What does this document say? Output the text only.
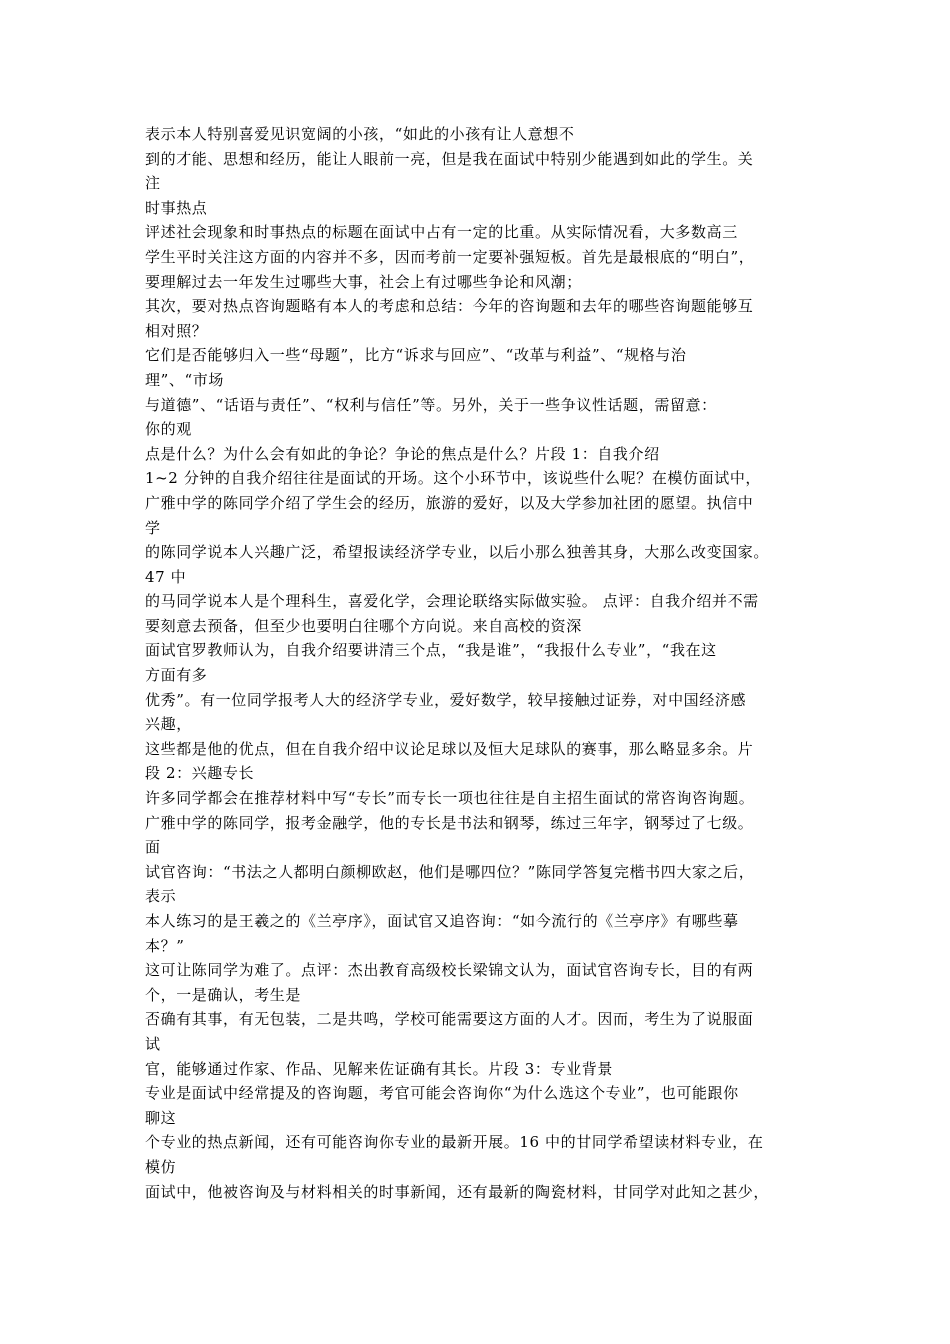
表示本人特别喜爱见识宽阔的小孩，“如此的小孩有让人意想不
到的才能、思想和经历，能让人眼前一亮，但是我在面试中特别少能遇到如此的学生。关
注
时事热点
评述社会现象和时事热点的标题在面试中占有一定的比重。从实际情况看，大多数高三
学生平时关注这方面的内容并不多，因而考前一定要补强短板。首先是最根底的“明白”，
要理解过去一年发生过哪些大事，社会上有过哪些争论和风潮；
其次，要对热点咨询题略有本人的考虑和总结：今年的咨询题和去年的哪些咨询题能够互
相对照？
它们是否能够归入一些“母题”，比方“诉求与回应”、“改革与利益”、“规格与治
理”、“市场
与道德”、“话语与责任”、“权利与信任”等。另外，关于一些争议性话题，需留意：
你的观
点是什么？为什么会有如此的争论？争论的焦点是什么？片段 1：自我介绍
1~2 分钟的自我介绍往往是面试的开场。这个小环节中，该说些什么呢？在模仿面试中，
广雅中学的陈同学介绍了学生会的经历，旅游的爱好，以及大学参加社团的愿望。执信中
学
的陈同学说本人兴趣广泛，希望报读经济学专业，以后小那么独善其身，大那么改变国家。
47 中
的马同学说本人是个理科生，喜爱化学，会理论联络实际做实验。 点评：自我介绍并不需
要刻意去预备，但至少也要明白往哪个方向说。来自高校的资深
面试官罗教师认为，自我介绍要讲清三个点，“我是谁”，“我报什么专业”，“我在这
方面有多
优秀”。有一位同学报考人大的经济学专业，爱好数学，较早接触过证券，对中国经济感
兴趣，
这些都是他的优点，但在自我介绍中议论足球以及恒大足球队的赛事，那么略显多余。片
段 2：兴趣专长
许多同学都会在推荐材料中写“专长”而专长一项也往往是自主招生面试的常咨询咨询题。
广雅中学的陈同学，报考金融学，他的专长是书法和钢琴，练过三年字，钢琴过了七级。
面
试官咨询：“书法之人都明白颜柳欧赵，他们是哪四位？”陈同学答复完楷书四大家之后，
表示
本人练习的是王羲之的《兰亭序》，面试官又追咨询：“如今流行的《兰亭序》有哪些摹
本？”
这可让陈同学为难了。点评：杰出教育高级校长梁锦文认为，面试官咨询专长，目的有两
个，一是确认，考生是
否确有其事，有无包装，二是共鸣，学校可能需要这方面的人才。因而，考生为了说服面
试
官，能够通过作家、作品、见解来佐证确有其长。片段 3：专业背景
专业是面试中经常提及的咨询题，考官可能会咨询你“为什么选这个专业”，也可能跟你
聊这
个专业的热点新闻，还有可能咨询你专业的最新开展。16 中的甘同学希望读材料专业，在
模仿
面试中，他被咨询及与材料相关的时事新闻，还有最新的陶瓷材料，甘同学对此知之甚少，
